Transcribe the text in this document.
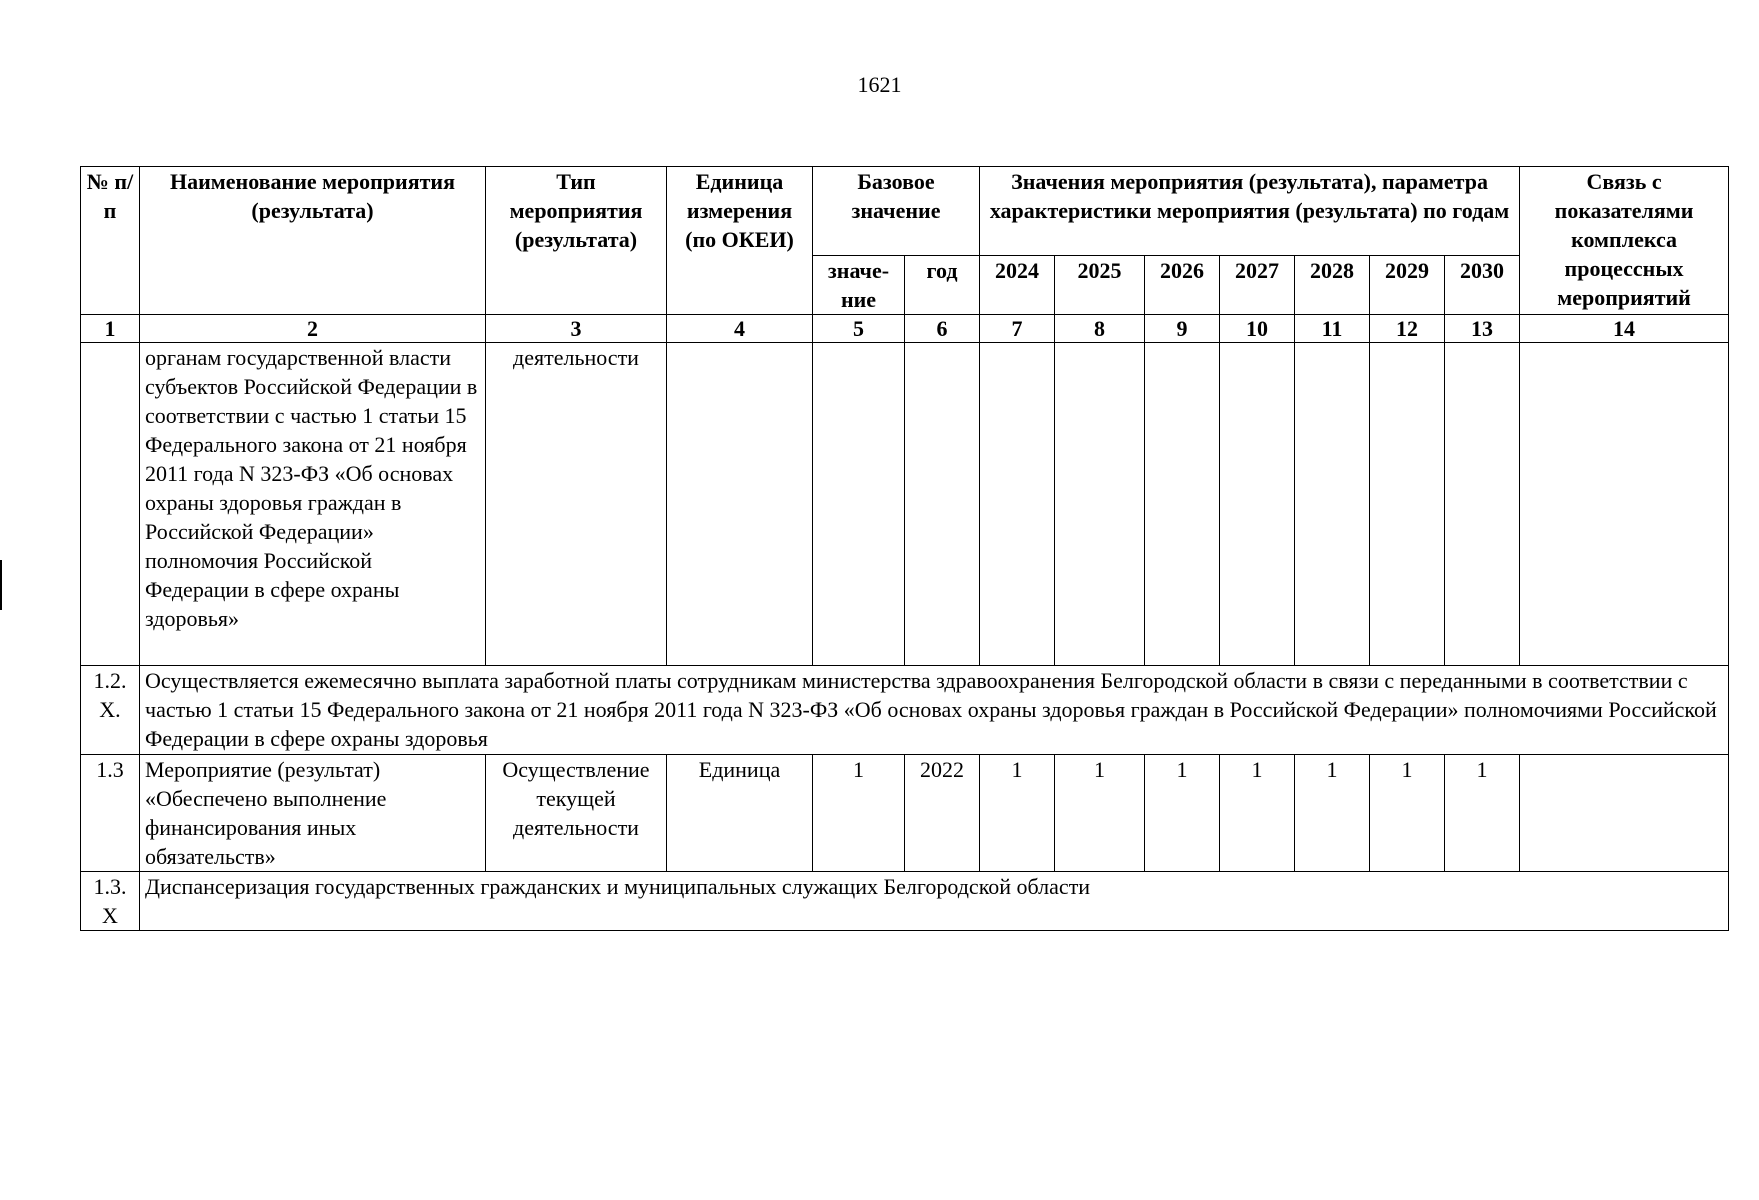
1621
№ п/п	Наименование мероприятия (результата)	Тип мероприятия (результата)	Единица измерения (по ОКЕИ)	Базовое значение		Значения мероприятия (результата), параметра характеристики мероприятия (результата) по годам							Связь с показателями комплекса процессных мероприятий
				значе-ние	год	2024	2025	2026	2027	2028	2029	2030	
1	2	3	4	5	6	7	8	9	10	11	12	13	14
	органам государственной власти субъектов Российской Федерации в соответствии с частью 1 статьи 15 Федерального закона от 21 ноября 2011 года N 323-ФЗ «Об основах охраны здоровья граждан в Российской Федерации» полномочия Российской Федерации в сфере охраны здоровья»	деятельности											
1.2. X.	Осуществляется ежемесячно выплата заработной платы сотрудникам министерства здравоохранения Белгородской области в связи с переданными в соответствии с частью 1 статьи 15 Федерального закона от 21 ноября 2011 года N 323-ФЗ «Об основах охраны здоровья граждан в Российской Федерации» полномочиями Российской Федерации в сфере охраны здоровья												
1.3	Мероприятие (результат) «Обеспечено выполнение финансирования иных обязательств»	Осуществление текущей деятельности	Единица	1	2022	1	1	1	1	1	1	1	
1.3. X	Диспансеризация государственных гражданских и муниципальных служащих Белгородской области												
